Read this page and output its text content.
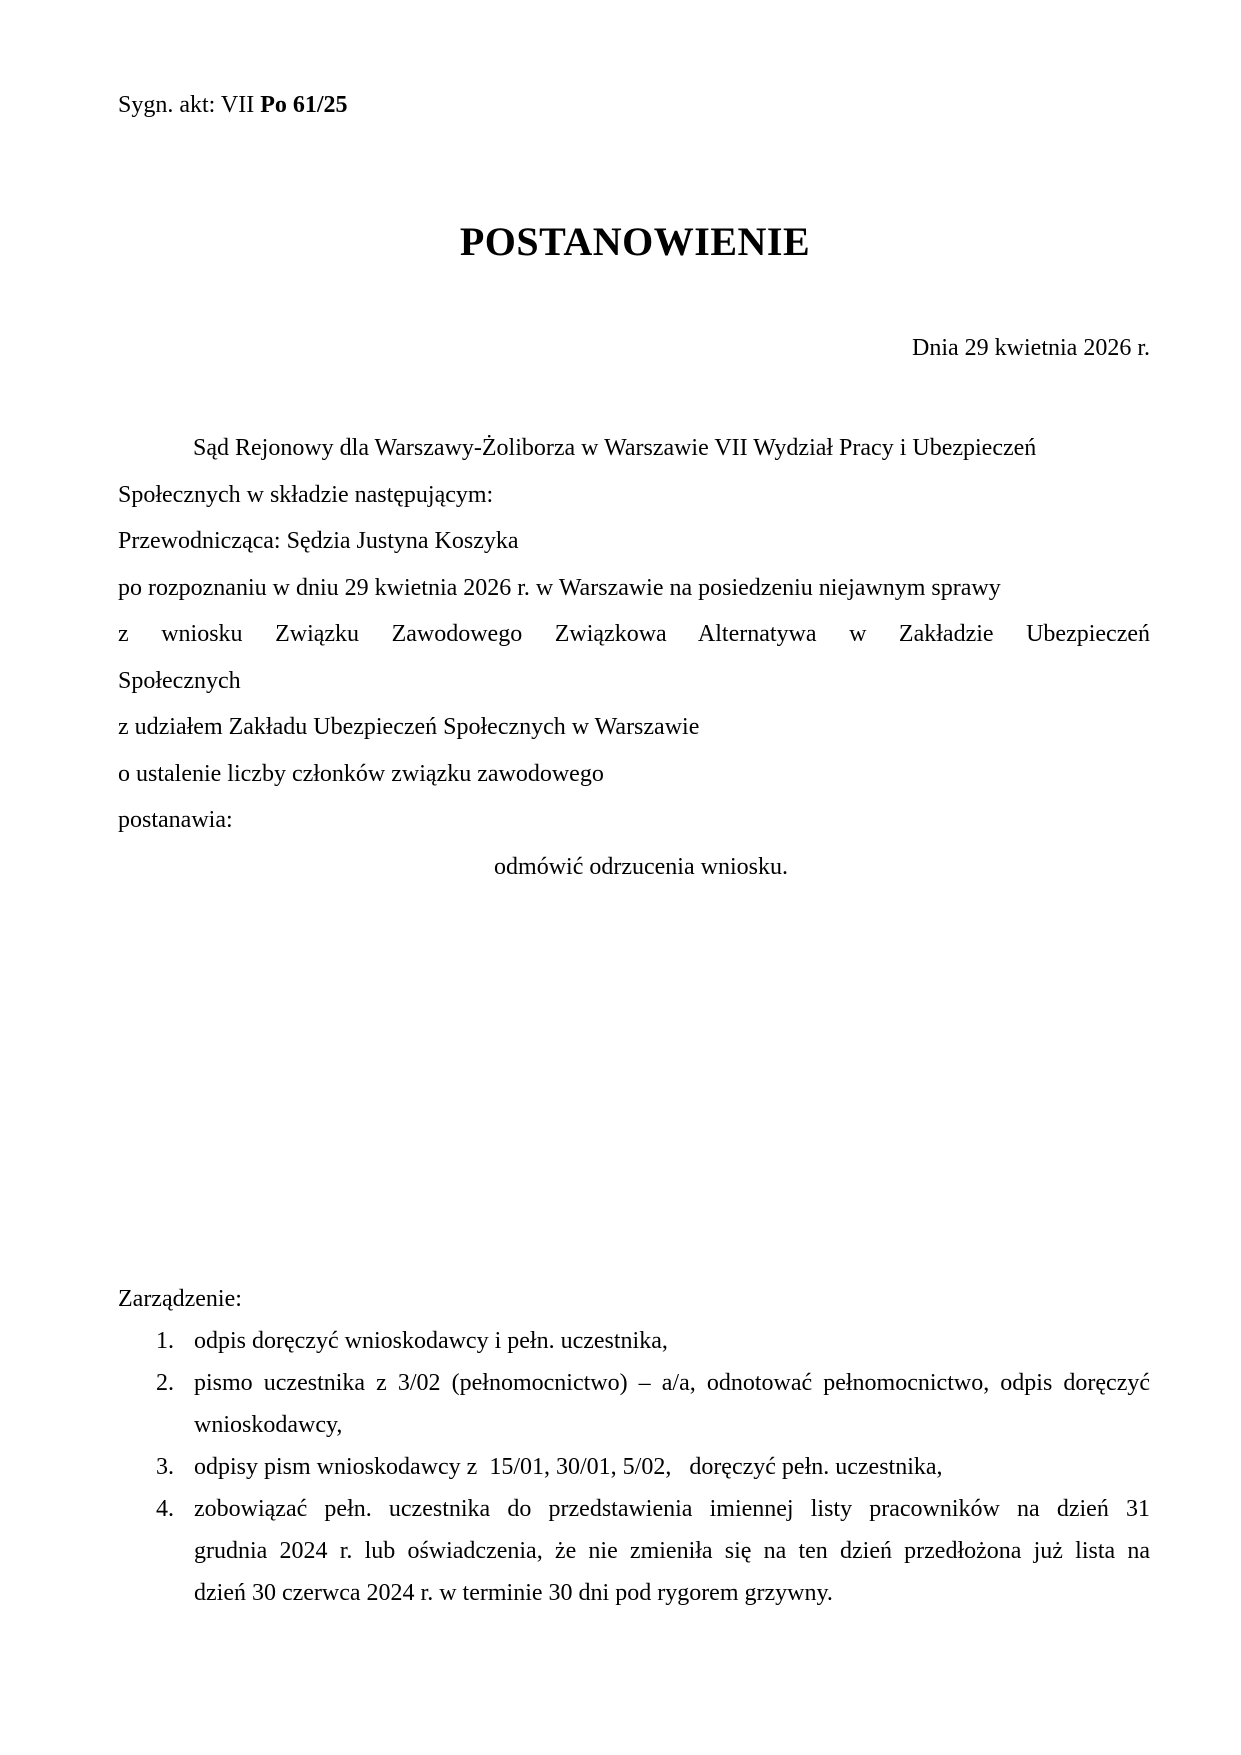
Sygn. akt: VII Po 61/25
POSTANOWIENIE
Dnia 29 kwietnia 2026 r.
Sąd Rejonowy dla Warszawy-Żoliborza w Warszawie VII Wydział Pracy i Ubezpieczeń
Społecznych w składzie następującym:
Przewodnicząca: Sędzia Justyna Koszyka
po rozpoznaniu w dniu 29 kwietnia 2026 r. w Warszawie na posiedzeniu niejawnym sprawy
z wniosku Związku Zawodowego Związkowa Alternatywa w Zakładzie Ubezpieczeń
Społecznych
z udziałem Zakładu Ubezpieczeń Społecznych w Warszawie
o ustalenie liczby członków związku zawodowego
postanawia:
odmówić odrzucenia wniosku.
Zarządzenie:
1. odpis doręczyć wnioskodawcy i pełn. uczestnika,
2. pismo uczestnika z 3/02 (pełnomocnictwo) – a/a, odnotować pełnomocnictwo, odpis doręczyć
wnioskodawcy,
3. odpisy pism wnioskodawcy z  15/01, 30/01, 5/02,   doręczyć pełn. uczestnika,
4. zobowiązać pełn. uczestnika do przedstawienia imiennej listy pracowników na dzień 31
grudnia 2024 r. lub oświadczenia, że nie zmieniła się na ten dzień przedłożona już lista na
dzień 30 czerwca 2024 r. w terminie 30 dni pod rygorem grzywny.
